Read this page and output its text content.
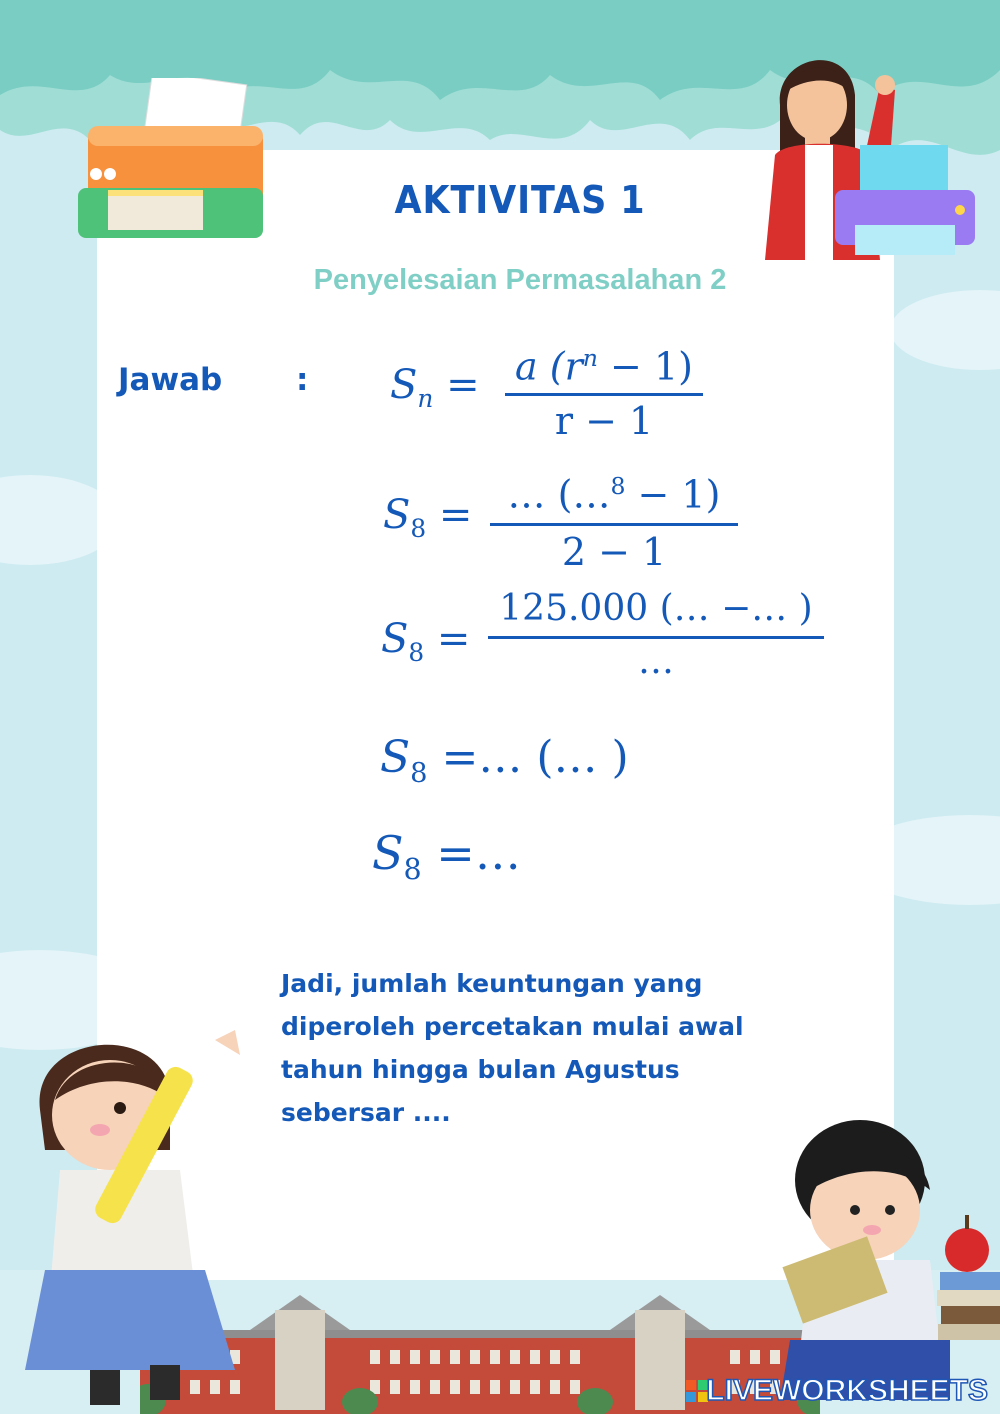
AKTIVITAS 1
Penyelesaian Permasalahan 2
Jawab : $S_n = a$ $(r^n - 1)$
r − 1
$S_8$ = … (…$^8$ − 1)
2 − 1
$S_8$ =
125.000 (… −… )
…
$S_8$ =… (… )
$S_8$ =…
Jadi, jumlah keuntungan yang
diperoleh percetakan mulai awal
tahun hingga bulan Agustus
sebersar ....
LIVEWORKSHEETS
